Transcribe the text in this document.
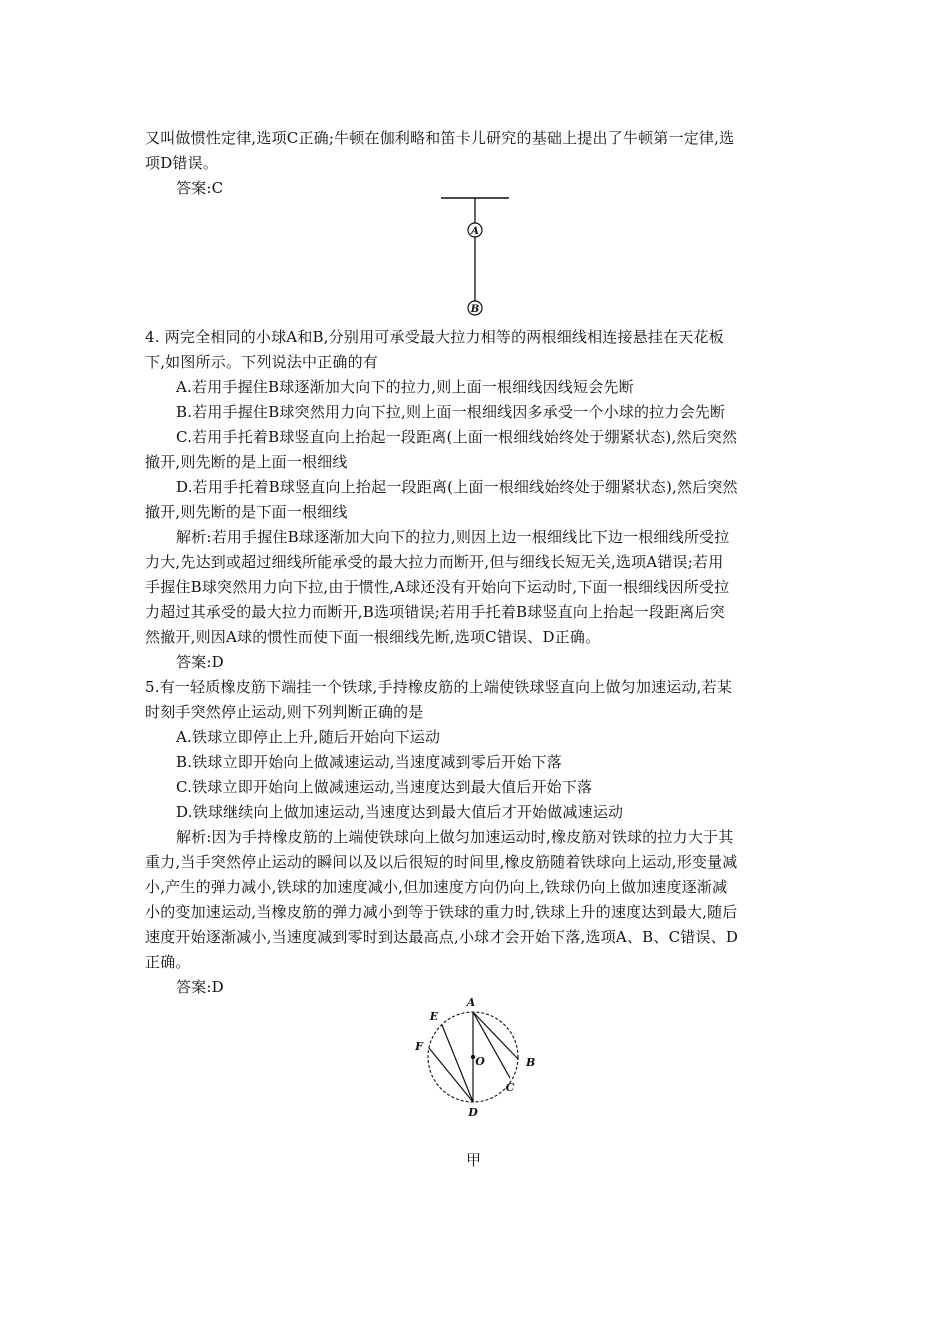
又叫做惯性定律,选项C正确;牛顿在伽利略和笛卡儿研究的基础上提出了牛顿第一定律,选
项D错误。
答案:C
4. 两完全相同的小球A和B,分别用可承受最大拉力相等的两根细线相连接悬挂在天花板
下,如图所示。下列说法中正确的有
A.若用手握住B球逐渐加大向下的拉力,则上面一根细线因线短会先断
B.若用手握住B球突然用力向下拉,则上面一根细线因多承受一个小球的拉力会先断
C.若用手托着B球竖直向上抬起一段距离(上面一根细线始终处于绷紧状态),然后突然
撤开,则先断的是上面一根细线
D.若用手托着B球竖直向上抬起一段距离(上面一根细线始终处于绷紧状态),然后突然
撤开,则先断的是下面一根细线
解析:若用手握住B球逐渐加大向下的拉力,则因上边一根细线比下边一根细线所受拉
力大,先达到或超过细线所能承受的最大拉力而断开,但与细线长短无关,选项A错误;若用
手握住B球突然用力向下拉,由于惯性,A球还没有开始向下运动时,下面一根细线因所受拉
力超过其承受的最大拉力而断开,B选项错误;若用手托着B球竖直向上抬起一段距离后突
然撤开,则因A球的惯性而使下面一根细线先断,选项C错误、D正确。
答案:D
5.有一轻质橡皮筋下端挂一个铁球,手持橡皮筋的上端使铁球竖直向上做匀加速运动,若某
时刻手突然停止运动,则下列判断正确的是
A.铁球立即停止上升,随后开始向下运动
B.铁球立即开始向上做减速运动,当速度减到零后开始下落
C.铁球立即开始向上做减速运动,当速度达到最大值后开始下落
D.铁球继续向上做加速运动,当速度达到最大值后才开始做减速运动
解析:因为手持橡皮筋的上端使铁球向上做匀加速运动时,橡皮筋对铁球的拉力大于其
重力,当手突然停止运动的瞬间以及以后很短的时间里,橡皮筋随着铁球向上运动,形变量减
小,产生的弹力减小,铁球的加速度减小,但加速度方向仍向上,铁球仍向上做加速度逐渐减
小的变加速运动,当橡皮筋的弹力减小到等于铁球的重力时,铁球上升的速度达到最大,随后
速度开始逐渐减小,当速度减到零时到达最高点,小球才会开始下落,选项A、B、C错误、D
正确。
答案:D
A
B
A
B
C
D
E
F
O
甲
